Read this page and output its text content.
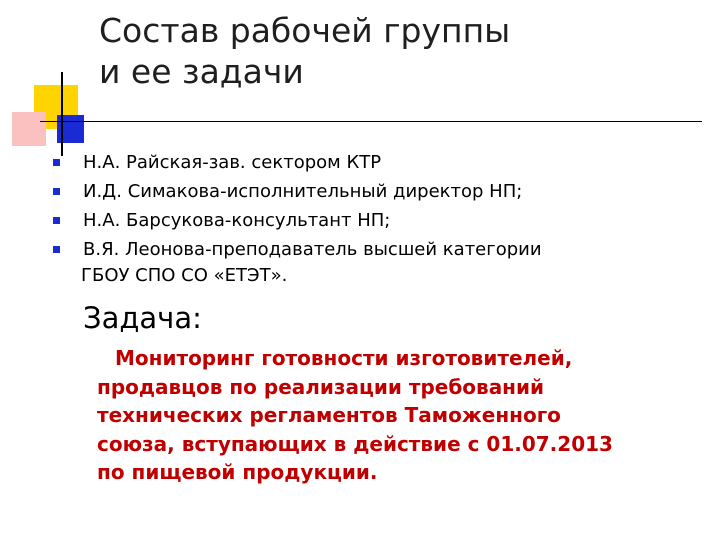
Состав рабочей группы
и ее задачи
Н.А. Райская-зав. сектором КТР
И.Д. Симакова-исполнительный директор НП;
Н.А. Барсукова-консультант НП;
В.Я. Леонова-преподаватель высшей категории
ГБОУ СПО СО «ЕТЭТ».
Задача:

Мониторинг готовности изготовителей,
продавцов по реализации требований
технических регламентов Таможенного
союза, вступающих в действие с 01.07.2013
по пищевой продукции.
